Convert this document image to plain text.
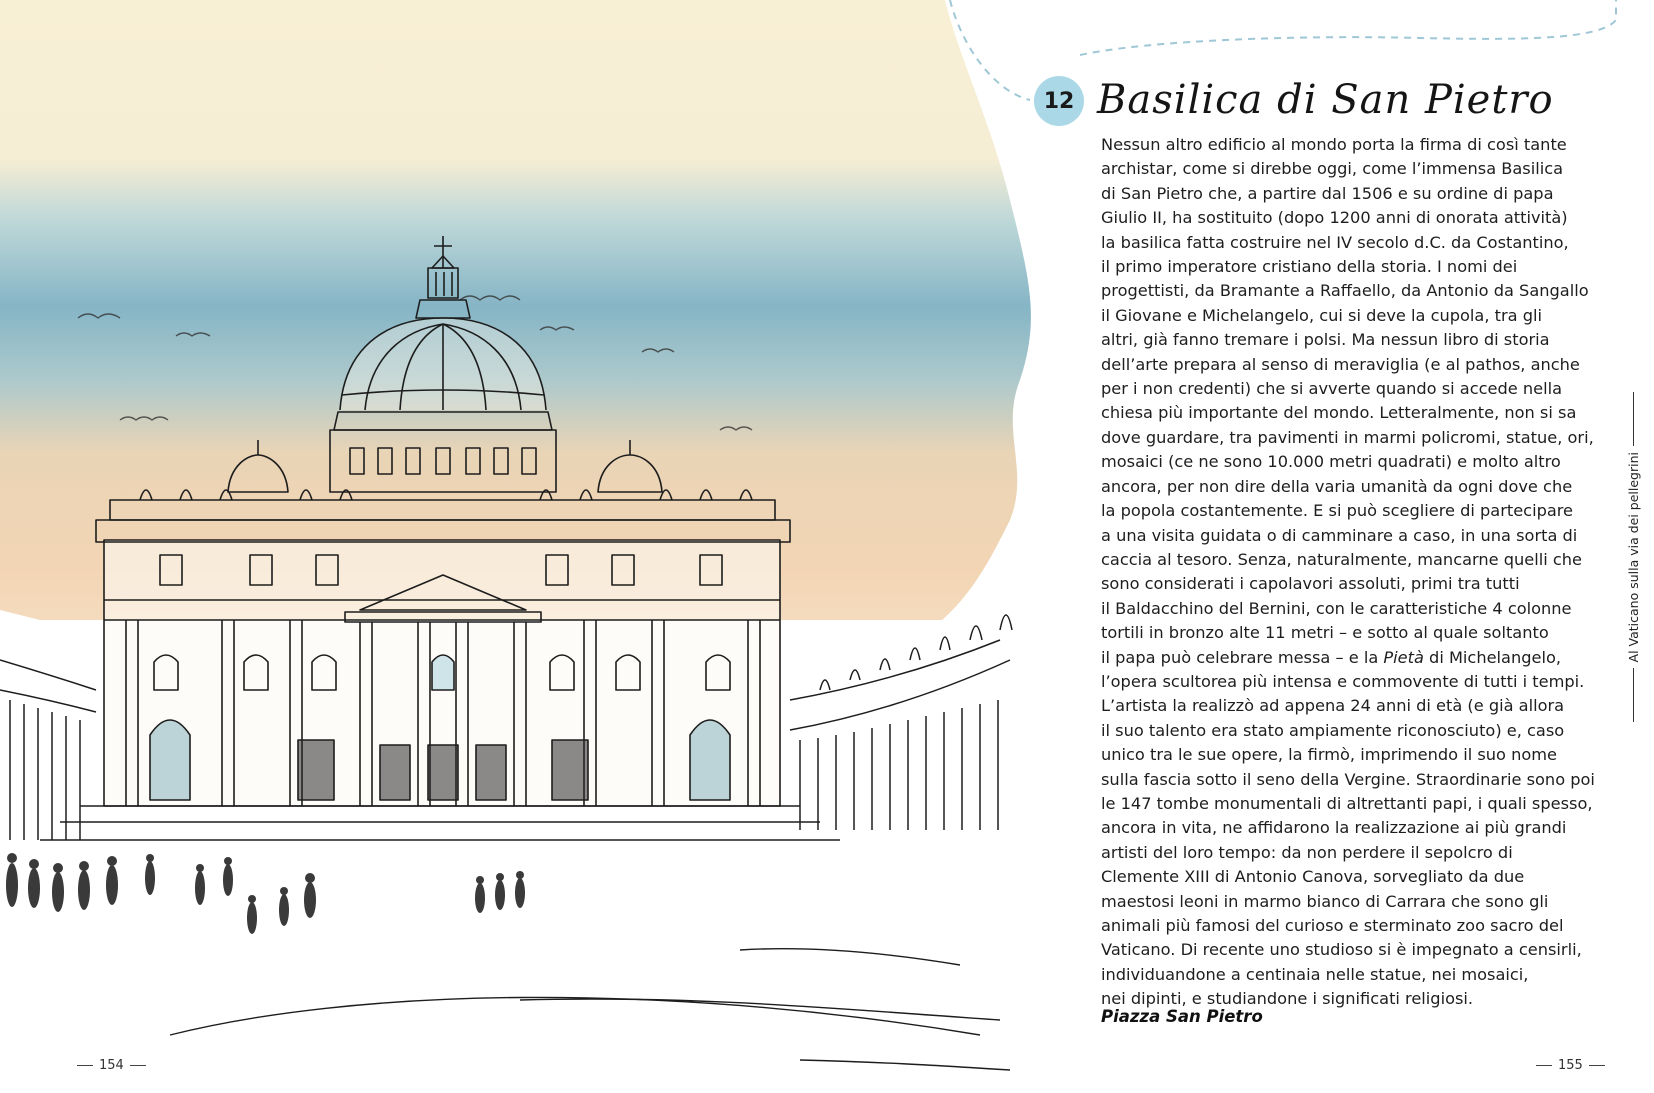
12 Basilica di San Pietro
Nessun altro edificio al mondo porta la firma di così tante
archistar, come si direbbe oggi, come l’immensa Basilica
di San Pietro che, a partire dal 1506 e su ordine di papa
Giulio II, ha sostituito (dopo 1200 anni di onorata attività)
la basilica fatta costruire nel IV secolo d.C. da Costantino,
il primo imperatore cristiano della storia. I nomi dei
progettisti, da Bramante a Raffaello, da Antonio da Sangallo
il Giovane e Michelangelo, cui si deve la cupola, tra gli
altri, già fanno tremare i polsi. Ma nessun libro di storia
dell’arte prepara al senso di meraviglia (e al pathos, anche
per i non credenti) che si avverte quando si accede nella
chiesa più importante del mondo. Letteralmente, non si sa
dove guardare, tra pavimenti in marmi policromi, statue, ori,
mosaici (ce ne sono 10.000 metri quadrati) e molto altro
ancora, per non dire della varia umanità da ogni dove che
la popola costantemente. E si può scegliere di partecipare
a una visita guidata o di camminare a caso, in una sorta di
caccia al tesoro. Senza, naturalmente, mancarne quelli che
sono considerati i capolavori assoluti, primi tra tutti
il Baldacchino del Bernini, con le caratteristiche 4 colonne
tortili in bronzo alte 11 metri – e sotto al quale soltanto
il papa può celebrare messa – e la Pietà di Michelangelo,
l’opera scultorea più intensa e commovente di tutti i tempi.
L’artista la realizzò ad appena 24 anni di età (e già allora
il suo talento era stato ampiamente riconosciuto) e, caso
unico tra le sue opere, la firmò, imprimendo il suo nome
sulla fascia sotto il seno della Vergine. Straordinarie sono poi
le 147 tombe monumentali di altrettanti papi, i quali spesso,
ancora in vita, ne affidarono la realizzazione ai più grandi
artisti del loro tempo: da non perdere il sepolcro di
Clemente XIII di Antonio Canova, sorvegliato da due
maestosi leoni in marmo bianco di Carrara che sono gli
animali più famosi del curioso e sterminato zoo sacro del
Vaticano. Di recente uno studioso si è impegnato a censirli,
individuandone a centinaia nelle statue, nei mosaici,
nei dipinti, e studiandone i significati religiosi.
Piazza San Pietro
Al Vaticano sulla via dei pellegrini
154	155
